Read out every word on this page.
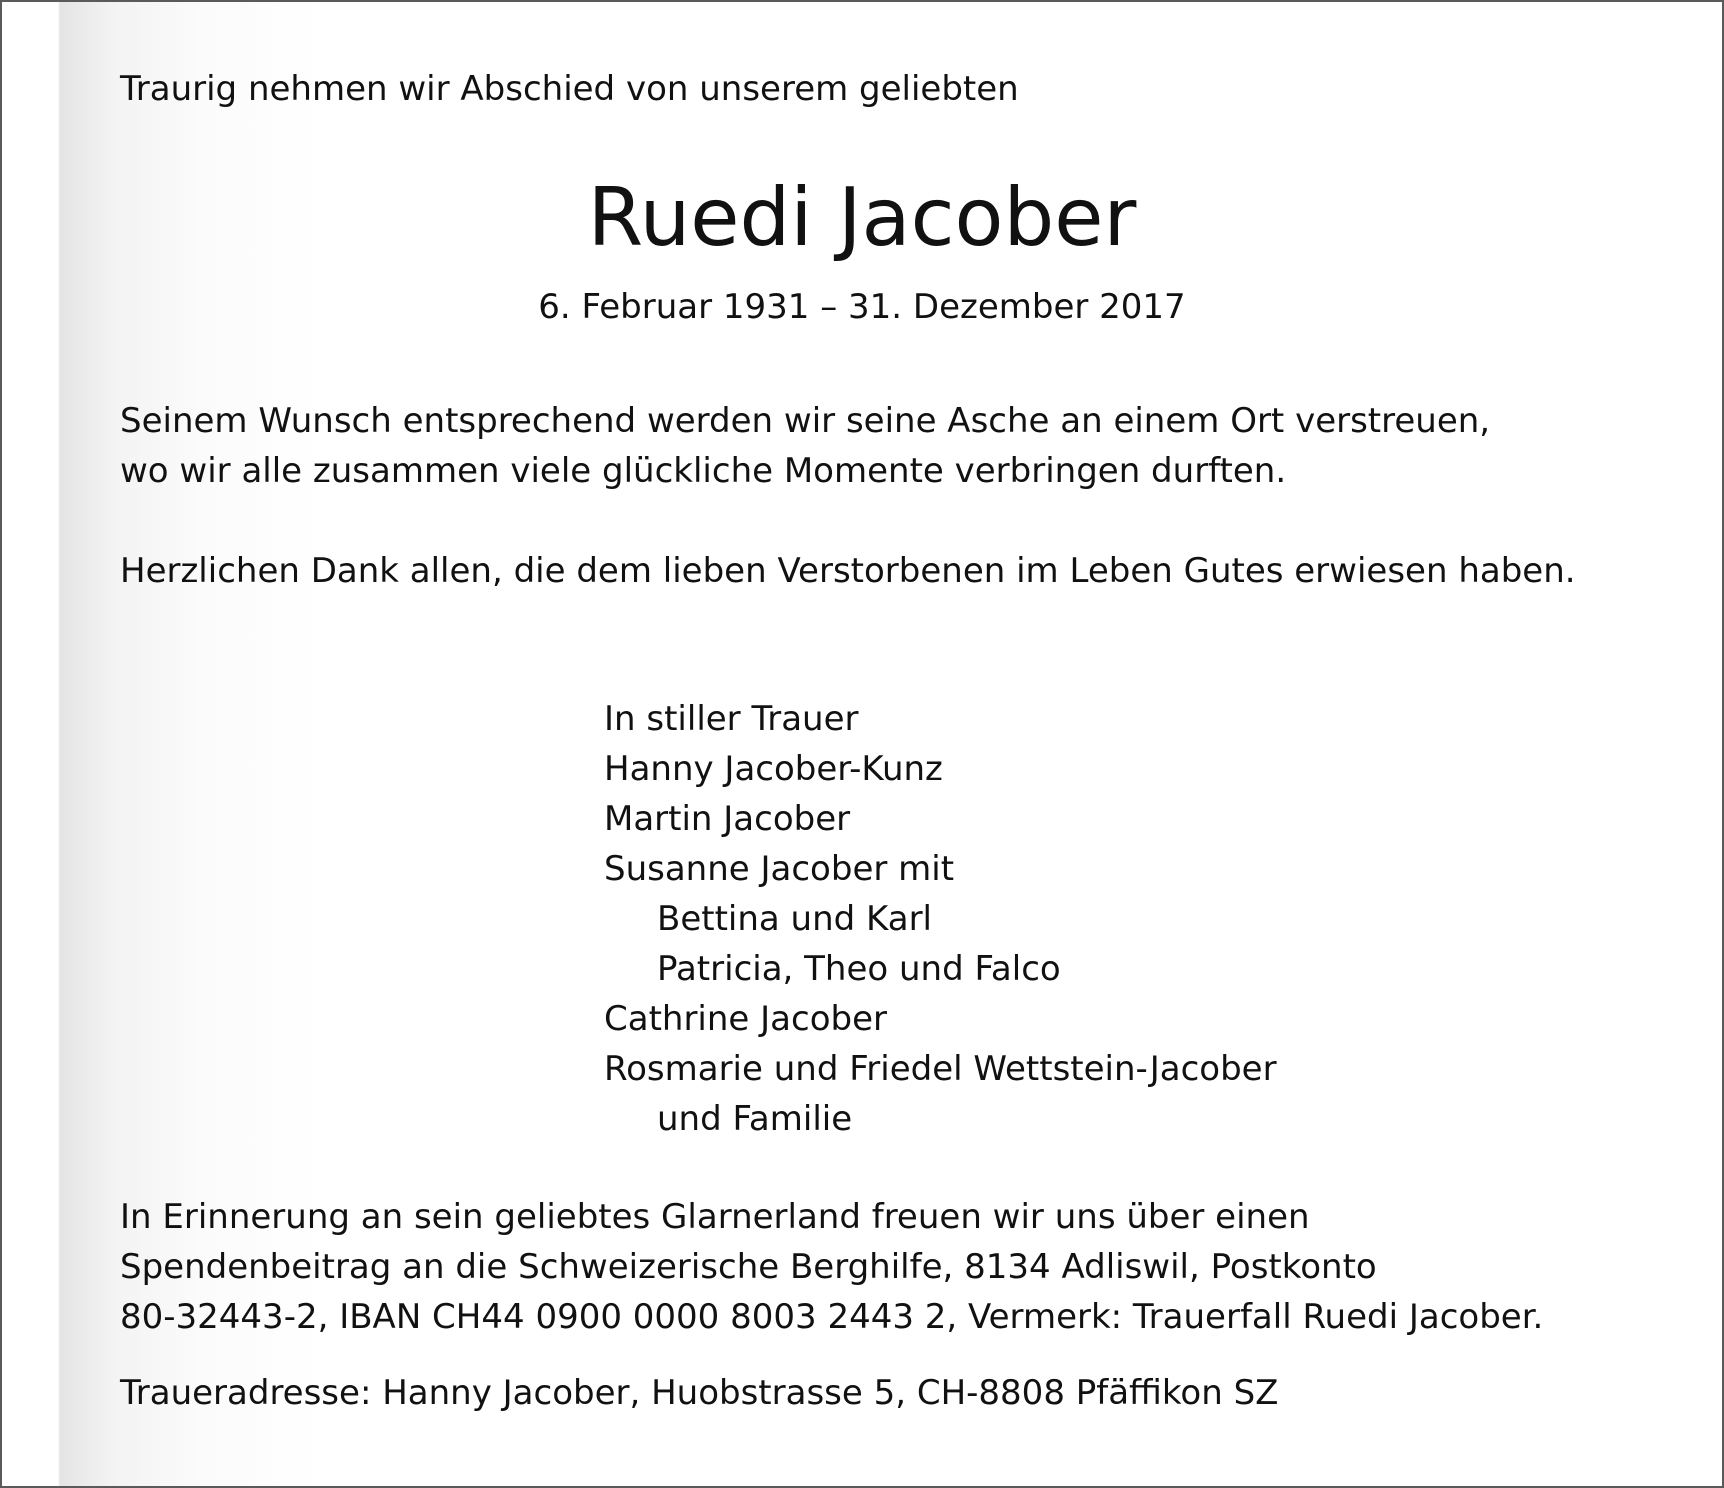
Traurig nehmen wir Abschied von unserem geliebten
Ruedi Jacober
6. Februar 1931 – 31. Dezember 2017
Seinem Wunsch entsprechend werden wir seine Asche an einem Ort verstreuen,
wo wir alle zusammen viele glückliche Momente verbringen durften.
Herzlichen Dank allen, die dem lieben Verstorbenen im Leben Gutes erwiesen haben.
In stiller Trauer
Hanny Jacober-Kunz
Martin Jacober
Susanne Jacober mit
Bettina und Karl
Patricia, Theo und Falco
Cathrine Jacober
Rosmarie und Friedel Wettstein-Jacober
und Familie
In Erinnerung an sein geliebtes Glarnerland freuen wir uns über einen
Spendenbeitrag an die Schweizerische Berghilfe, 8134 Adliswil, Postkonto
80-32443-2, IBAN CH44 0900 0000 8003 2443 2, Vermerk: Trauerfall Ruedi Jacober.
Traueradresse: Hanny Jacober, Huobstrasse 5, CH-8808 Pfäffikon SZ
